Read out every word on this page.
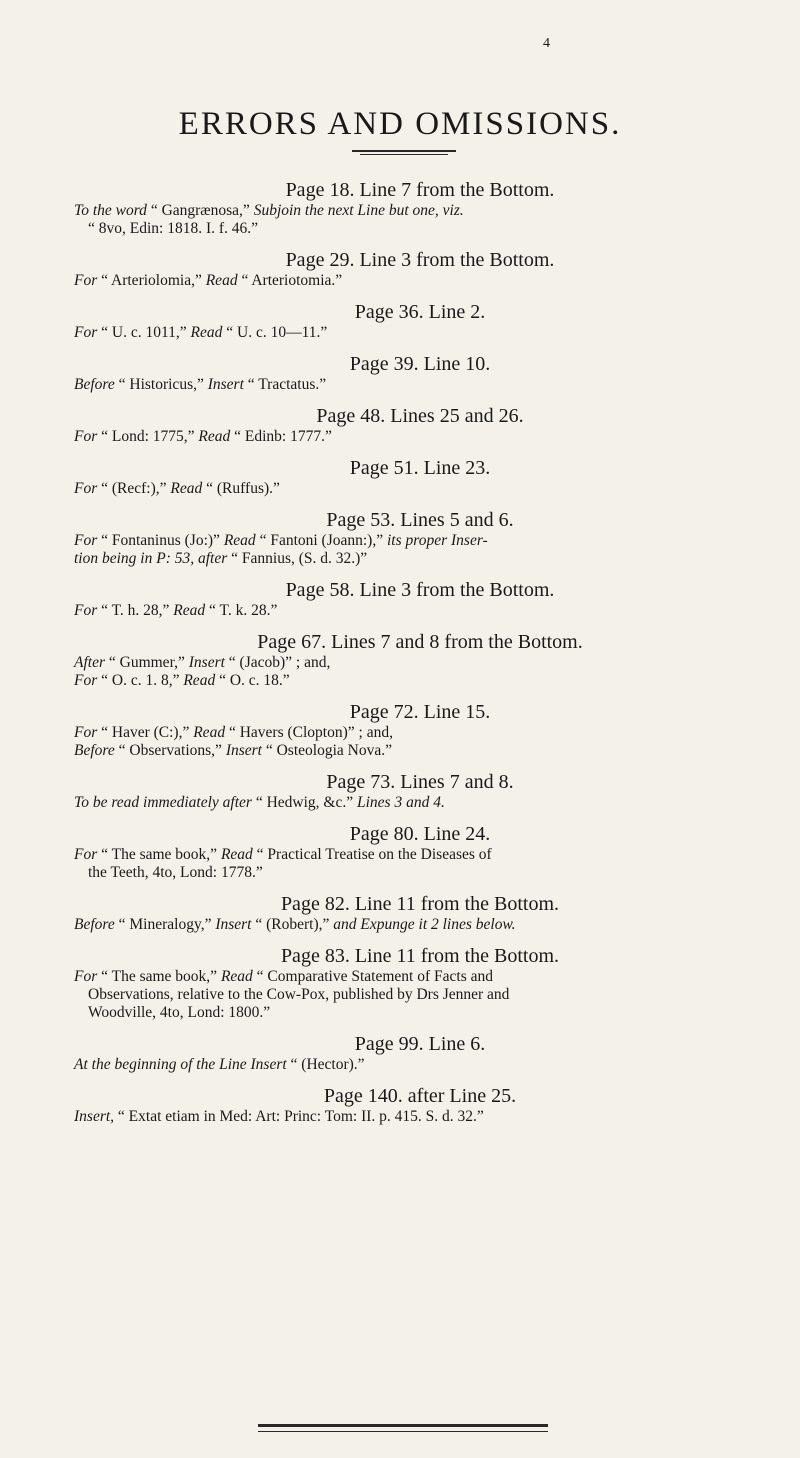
4
ERRORS AND OMISSIONS.
Page 18. Line 7 from the Bottom.
To the word “ Gangrænosa,” Subjoin the next Line but one, viz.
“ 8vo, Edin: 1818. I. f. 46.”
Page 29. Line 3 from the Bottom.
For “ Arteriolomia,” Read “ Arteriotomia.”
Page 36. Line 2.
For “ U. c. 1011,” Read “ U. c. 10—11.”
Page 39. Line 10.
Before “ Historicus,” Insert “ Tractatus.”
Page 48. Lines 25 and 26.
For “ Lond: 1775,” Read “ Edinb: 1777.”
Page 51. Line 23.
For “ (Recf:),” Read “ (Ruffus).”
Page 53. Lines 5 and 6.
For “ Fontaninus (Jo:)” Read “ Fantoni (Joann:),” its proper Inser-
tion being in P: 53, after “ Fannius, (S. d. 32.)”
Page 58. Line 3 from the Bottom.
For “ T. h. 28,” Read “ T. k. 28.”
Page 67. Lines 7 and 8 from the Bottom.
After “ Gummer,” Insert “ (Jacob)” ; and,
For “ O. c. 1. 8,” Read “ O. c. 18.”
Page 72. Line 15.
For “ Haver (C:),” Read “ Havers (Clopton)” ; and,
Before “ Observations,” Insert “ Osteologia Nova.”
Page 73. Lines 7 and 8.
To be read immediately after “ Hedwig, &c.” Lines 3 and 4.
Page 80. Line 24.
For “ The same book,” Read “ Practical Treatise on the Diseases of
the Teeth, 4to, Lond: 1778.”
Page 82. Line 11 from the Bottom.
Before “ Mineralogy,” Insert “ (Robert),” and Expunge it 2 lines below.
Page 83. Line 11 from the Bottom.
For “ The same book,” Read “ Comparative Statement of Facts and
Observations, relative to the Cow-Pox, published by Drs Jenner and
Woodville, 4to, Lond: 1800.”
Page 99. Line 6.
At the beginning of the Line Insert “ (Hector).”
Page 140. after Line 25.
Insert, “ Extat etiam in Med: Art: Princ: Tom: II. p. 415. S. d. 32.”
